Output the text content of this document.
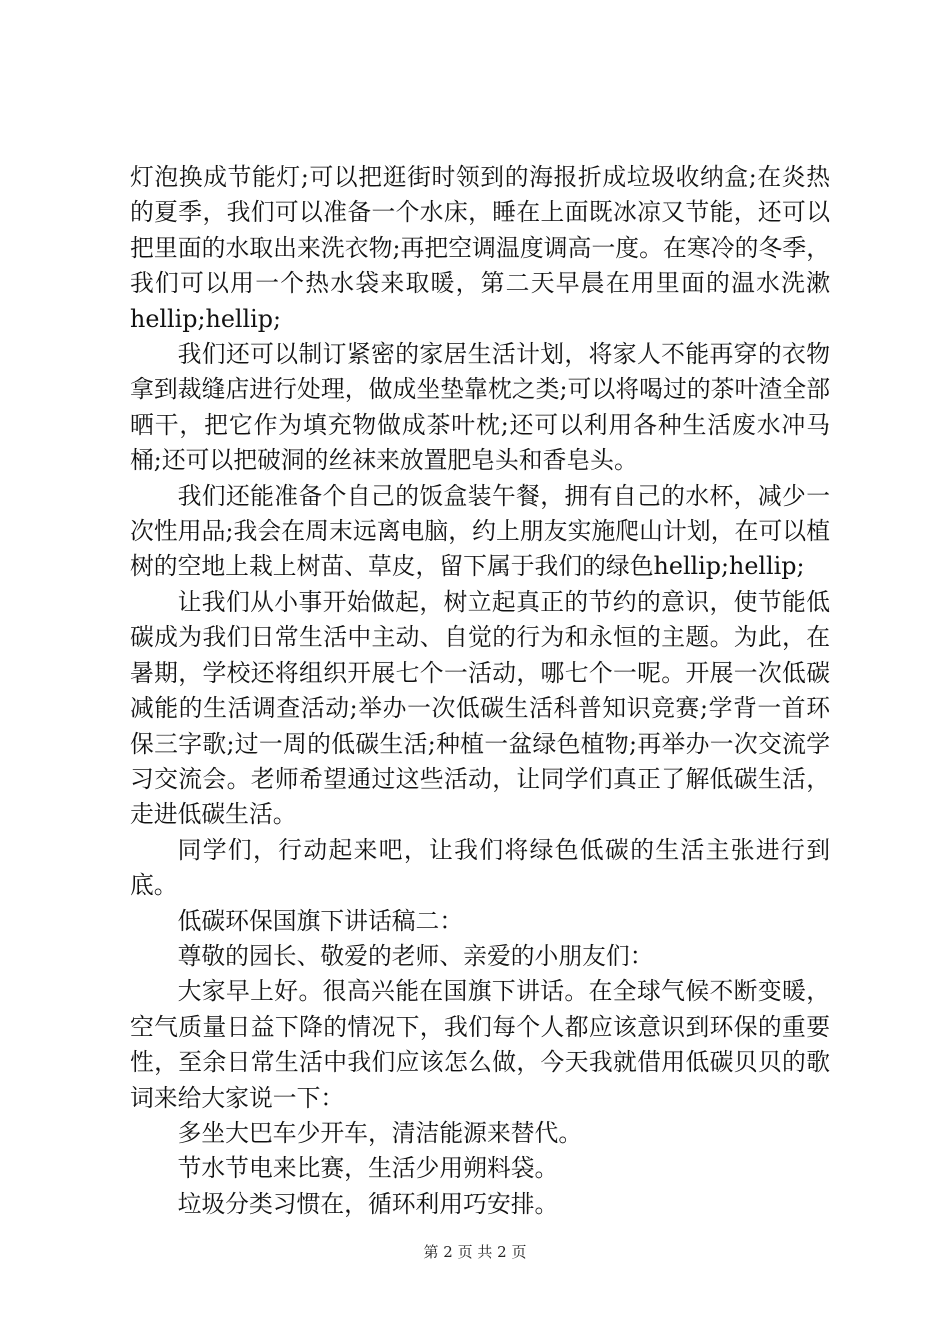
灯泡换成节能灯;可以把逛街时领到的海报折成垃圾收纳盒;在炎热的夏季，我们可以准备一个水床，睡在上面既冰凉又节能，还可以把里面的水取出来洗衣物;再把空调温度调高一度。在寒冷的冬季，我们可以用一个热水袋来取暖，第二天早晨在用里面的温水洗漱hellip;hellip;

我们还可以制订紧密的家居生活计划，将家人不能再穿的衣物拿到裁缝店进行处理，做成坐垫靠枕之类;可以将喝过的茶叶渣全部晒干，把它作为填充物做成茶叶枕;还可以利用各种生活废水冲马桶;还可以把破洞的丝袜来放置肥皂头和香皂头。

我们还能准备个自己的饭盒装午餐，拥有自己的水杯，减少一次性用品;我会在周末远离电脑，约上朋友实施爬山计划，在可以植树的空地上栽上树苗、草皮，留下属于我们的绿色hellip;hellip;

让我们从小事开始做起，树立起真正的节约的意识，使节能低碳成为我们日常生活中主动、自觉的行为和永恒的主题。为此，在暑期，学校还将组织开展七个一活动，哪七个一呢。开展一次低碳减能的生活调查活动;举办一次低碳生活科普知识竞赛;学背一首环保三字歌;过一周的低碳生活;种植一盆绿色植物;再举办一次交流学习交流会。老师希望通过这些活动，让同学们真正了解低碳生活，走进低碳生活。

同学们，行动起来吧，让我们将绿色低碳的生活主张进行到底。

低碳环保国旗下讲话稿二：

尊敬的园长、敬爱的老师、亲爱的小朋友们：

大家早上好。很高兴能在国旗下讲话。在全球气候不断变暖，空气质量日益下降的情况下，我们每个人都应该意识到环保的重要性，至余日常生活中我们应该怎么做，今天我就借用低碳贝贝的歌词来给大家说一下：

多坐大巴车少开车，清洁能源来替代。

节水节电来比赛，生活少用朔料袋。

垃圾分类习惯在，循环利用巧安排。

第 2 页 共 2 页
